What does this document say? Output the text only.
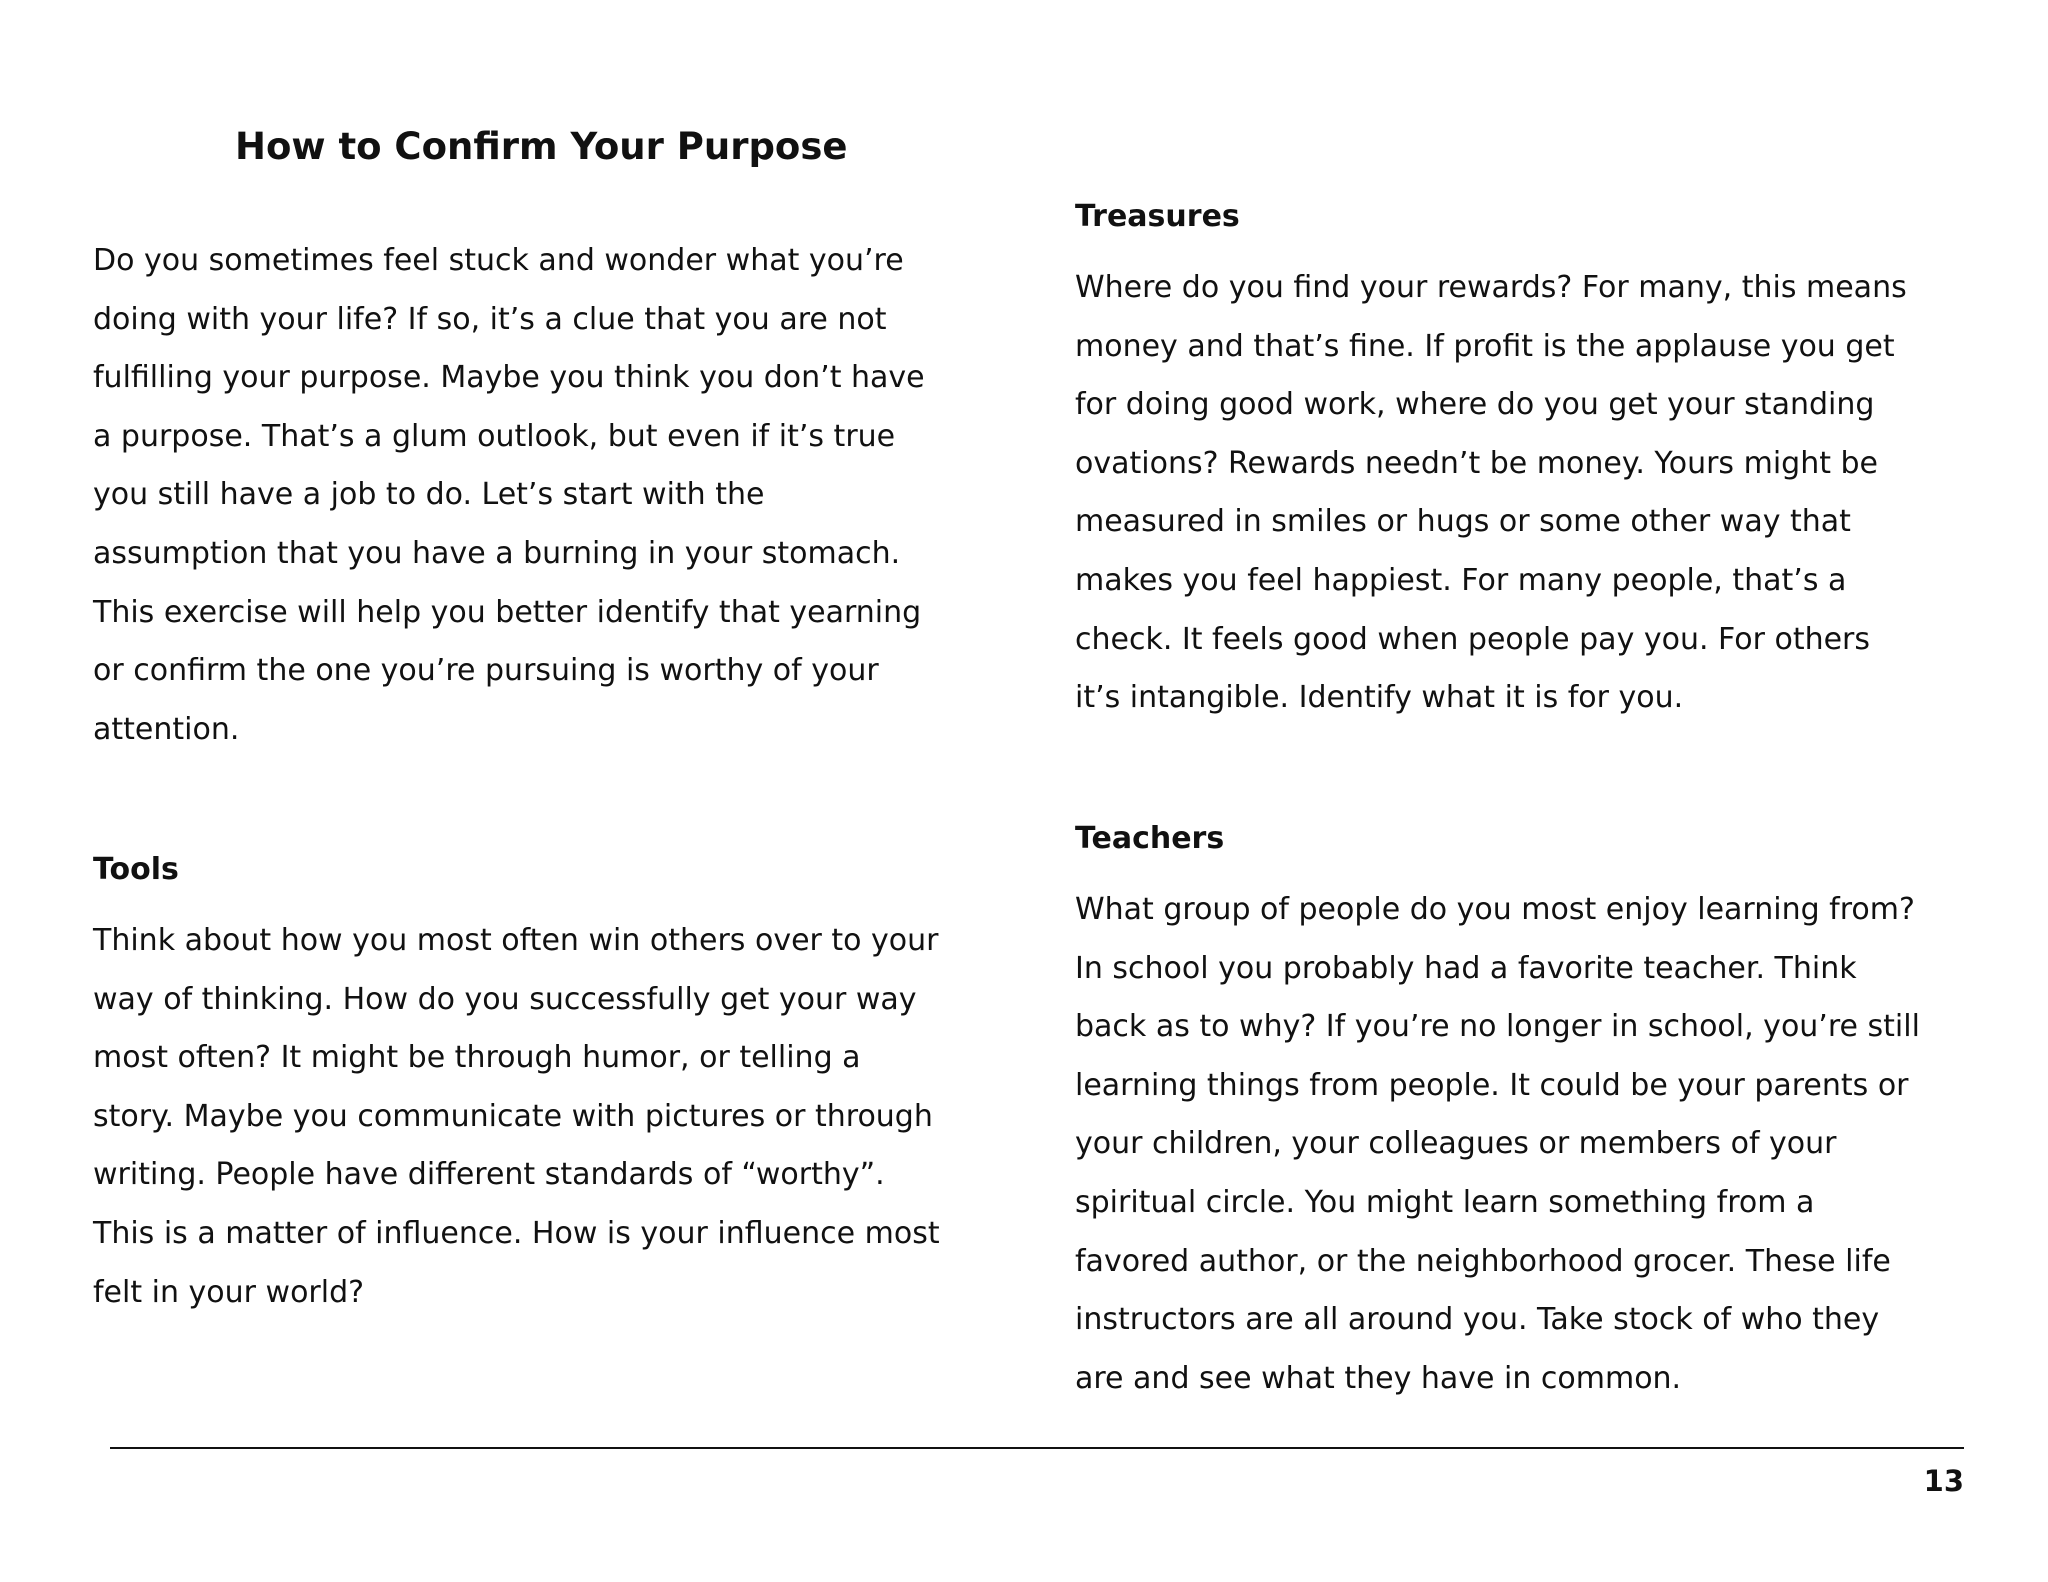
How to Confirm Your Purpose
Do you sometimes feel stuck and wonder what you’re
doing with your life? If so, it’s a clue that you are not
fulfilling your purpose. Maybe you think you don’t have
a purpose. That’s a glum outlook, but even if it’s true
you still have a job to do. Let’s start with the
assumption that you have a burning in your stomach.
This exercise will help you better identify that yearning
or confirm the one you’re pursuing is worthy of your
attention.
Tools
Think about how you most often win others over to your
way of thinking. How do you successfully get your way
most often? It might be through humor, or telling a
story. Maybe you communicate with pictures or through
writing. People have different standards of “worthy”.
This is a matter of influence. How is your influence most
felt in your world?
Treasures
Where do you find your rewards? For many, this means
money and that’s fine. If profit is the applause you get
for doing good work, where do you get your standing
ovations? Rewards needn’t be money. Yours might be
measured in smiles or hugs or some other way that
makes you feel happiest. For many people, that’s a
check. It feels good when people pay you. For others
it’s intangible. Identify what it is for you.
Teachers
What group of people do you most enjoy learning from?
In school you probably had a favorite teacher. Think
back as to why? If you’re no longer in school, you’re still
learning things from people. It could be your parents or
your children, your colleagues or members of your
spiritual circle. You might learn something from a
favored author, or the neighborhood grocer. These life
instructors are all around you. Take stock of who they
are and see what they have in common.
13
